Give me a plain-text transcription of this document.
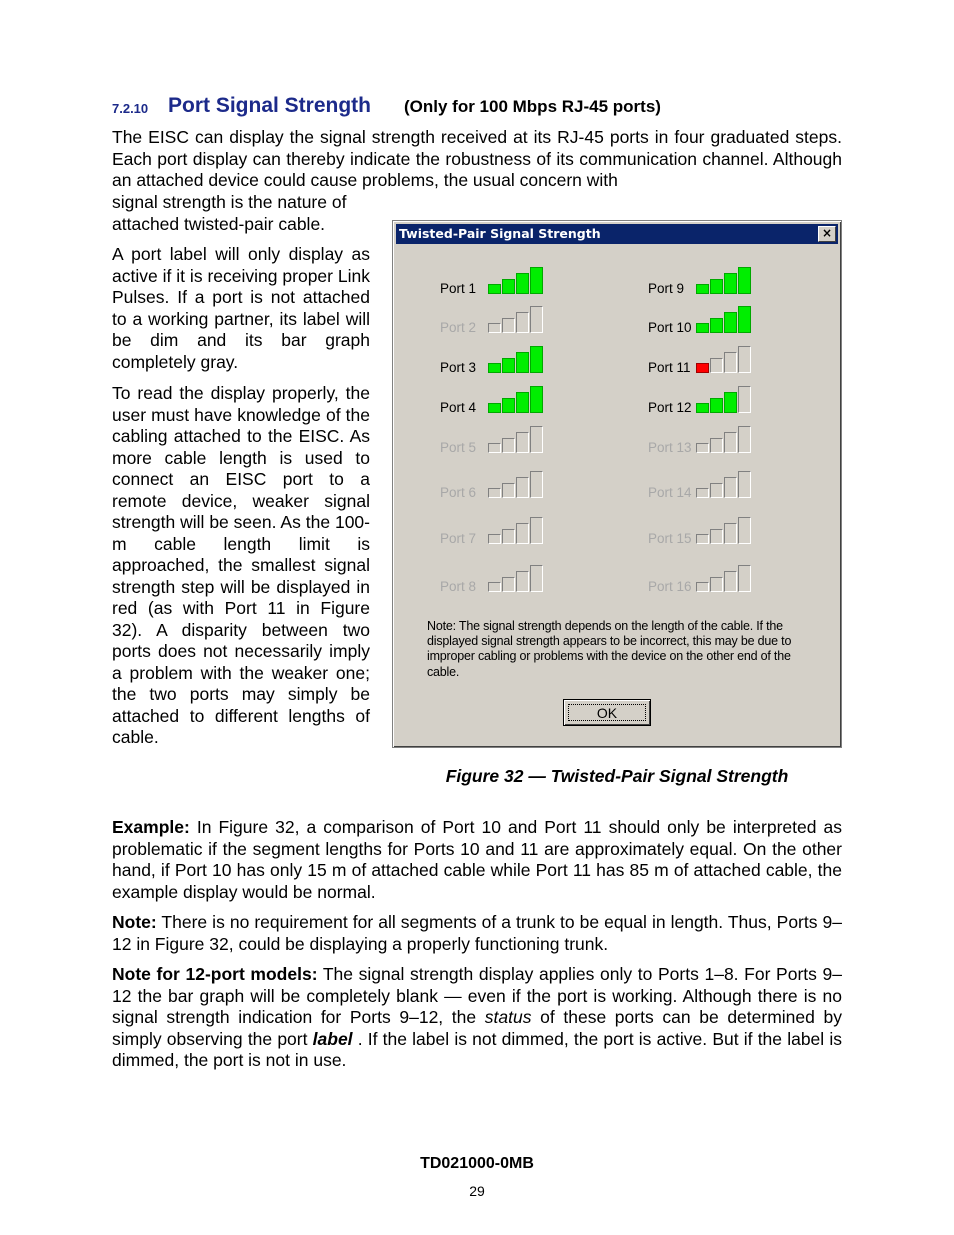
7.2.10 Port Signal Strength (Only for 100 Mbps RJ-45 ports)
The EISC can display the signal strength received at its RJ-45 ports in four graduated steps. Each port display can thereby indicate the robustness of its communication channel. Although an attached device could cause problems, the usual concern with
signal strength is the nature of attached twisted-pair cable.
A port label will only display as active if it is receiving proper Link Pulses. If a port is not attached to a working partner, its label will be dim and its bar graph completely gray.
To read the display properly, the user must have knowledge of the cabling attached to the EISC. As more cable length is used to connect an EISC port to a remote device, weaker signal strength will be seen. As the 100-m cable length limit is approached, the smallest signal strength step will be displayed in red (as with Port 11 in Figure 32). A disparity between two ports does not necessarily imply a problem with the weaker one; the two ports may simply be attached to different lengths of cable.
Twisted-Pair Signal Strength	×
Port 1
Port 2
Port 3
Port 4
Port 5
Port 6
Port 7
Port 8
Port 9
Port 10
Port 11
Port 12
Port 13
Port 14
Port 15
Port 16
Note: The signal strength depends on the length of the cable. If the displayed signal strength appears to be incorrect, this may be due to improper cabling or problems with the device on the other end of the cable.
OK
Figure 32 — Twisted-Pair Signal Strength
Example: In Figure 32, a comparison of Port 10 and Port 11 should only be interpreted as problematic if the segment lengths for Ports 10 and 11 are approximately equal. On the other hand, if Port 10 has only 15 m of attached cable while Port 11 has 85 m of attached cable, the example display would be normal.
Note: There is no requirement for all segments of a trunk to be equal in length. Thus, Ports 9–12 in Figure 32, could be displaying a properly functioning trunk.
Note for 12-port models: The signal strength display applies only to Ports 1–8. For Ports 9–12 the bar graph will be completely blank — even if the port is working. Although there is no signal strength indication for Ports 9–12, the status of these ports can be determined by simply observing the port label . If the label is not dimmed, the port is active. But if the label is dimmed, the port is not in use.
TD021000-0MB
29
